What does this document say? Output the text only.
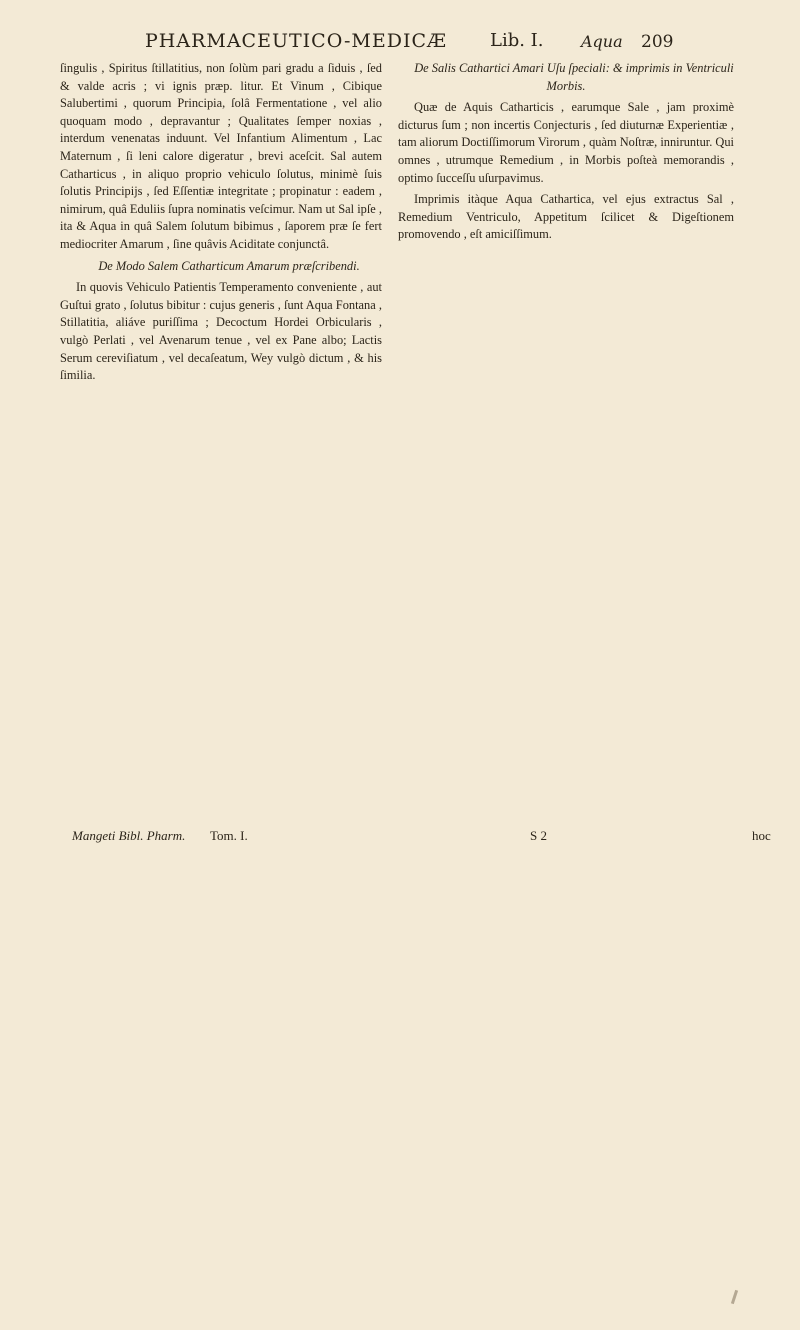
PHARMACEUTICO-MEDICÆ Lib. I. Aqua 209

ſingulis , Spiritus ſtillatitius, non ſolùm pari gradu a ſiduis , ſed & valde acris ; vi ignis præp. litur. Et Vinum , Cibique Salubertimi , quorum Principia, ſolâ Fermentatione , vel alio quoquam modo , depravantur ; Qualitates ſemper noxias , interdum venenatas induunt. Vel Infantium Alimentum , Lac Maternum , ſi leni calore digeratur , brevi aceſcit. Sal autem Catharticus , in aliquo proprio vehiculo ſolutus, minimè ſuis ſolutis Principijs , ſed Eſſentiæ integritate ; propinatur : eadem , nimirum, quâ Eduliis ſupra nominatis veſcimur. Nam ut Sal ipſe , ita & Aqua in quâ Salem ſolutum bibimus , ſaporem præ ſe fert mediocriter Amarum , ſine quâvis Aciditate conjunctâ.

De Modo Salem Catharticum Amarum præſcribendi.

In quovis Vehiculo Patientis Temperamento conveniente , aut Guſtui grato , ſolutus bibitur : cujus generis , ſunt Aqua Fontana , Stillatitia, aliáve puriſſima ; Decoctum Hordei Orbicularis , vulgò Perlati , vel Avenarum tenue , vel ex Pane albo; Lactis Serum cereviſiatum , vel decaſeatum, Wey vulgò dictum , & his ſimilia.

De Salis Cathartici Amari Uſu ſpeciali: & imprimis in Ventriculi Morbis.

Quæ de Aquis Catharticis , earumque Sale , jam proximè dicturus ſum ; non incertis Conjecturis , ſed diuturnæ Experientiæ , tam aliorum Doctiſſimorum Virorum , quàm Noſtræ, inniruntur. Qui omnes , utrumque Remedium , in Morbis poſteà memorandis , optimo ſucceſſu uſurpavimus.

Imprimis itàque Aqua Cathartica, vel ejus extractus Sal , Remedium Ventriculo, Appetitum ſcilicet & Digeſtionem promovendo , eſt amiciſſimum.

Mangeti Bibl. Pharm. Tom. I.	S 2	hoc
